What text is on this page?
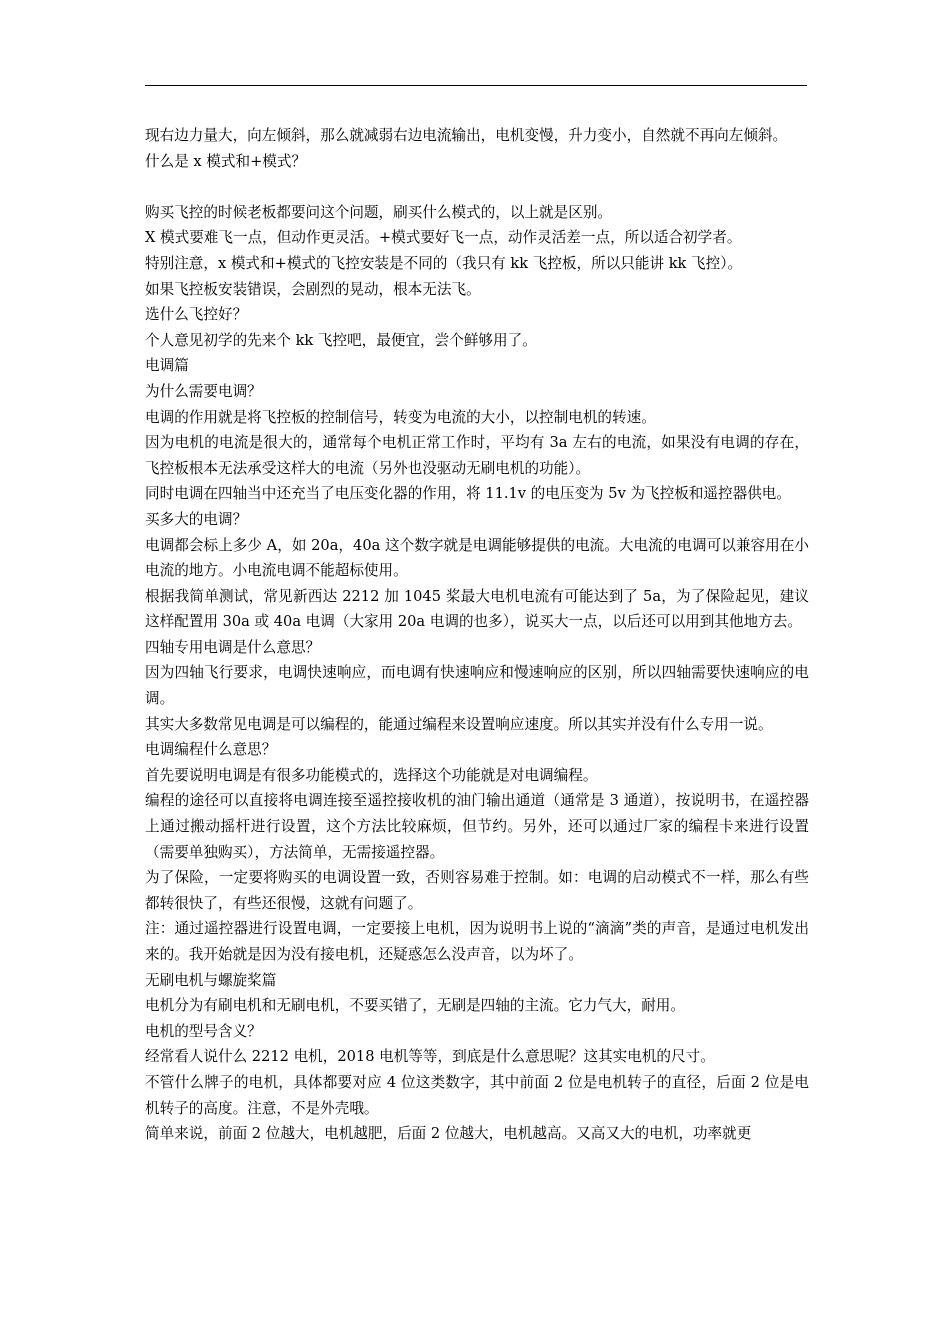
现右边力量大，向左倾斜，那么就减弱右边电流输出，电机变慢，升力变小，自然就不再向左倾斜。

什么是 x 模式和+模式？

购买飞控的时候老板都要问这个问题，刷买什么模式的，以上就是区别。

X 模式要难飞一点，但动作更灵活。+模式要好飞一点，动作灵活差一点，所以适合初学者。

特别注意，x 模式和+模式的飞控安装是不同的（我只有 kk 飞控板，所以只能讲 kk 飞控）。

如果飞控板安装错误，会剧烈的晃动，根本无法飞。

选什么飞控好？

个人意见初学的先来个 kk 飞控吧，最便宜，尝个鲜够用了。

电调篇

为什么需要电调？

电调的作用就是将飞控板的控制信号，转变为电流的大小，以控制电机的转速。

因为电机的电流是很大的，通常每个电机正常工作时，平均有 3a 左右的电流，如果没有电调的存在，飞控板根本无法承受这样大的电流（另外也没驱动无刷电机的功能）。

同时电调在四轴当中还充当了电压变化器的作用，将 11.1v 的电压变为 5v 为飞控板和遥控器供电。

买多大的电调？

电调都会标上多少 A，如 20a，40a 这个数字就是电调能够提供的电流。大电流的电调可以兼容用在小电流的地方。小电流电调不能超标使用。

根据我简单测试，常见新西达 2212 加 1045 桨最大电机电流有可能达到了 5a，为了保险起见，建议这样配置用 30a 或 40a 电调（大家用 20a 电调的也多），说买大一点，以后还可以用到其他地方去。

四轴专用电调是什么意思？

因为四轴飞行要求，电调快速响应，而电调有快速响应和慢速响应的区别，所以四轴需要快速响应的电调。

其实大多数常见电调是可以编程的，能通过编程来设置响应速度。所以其实并没有什么专用一说。

电调编程什么意思？

首先要说明电调是有很多功能模式的，选择这个功能就是对电调编程。

编程的途径可以直接将电调连接至遥控接收机的油门输出通道（通常是 3 通道），按说明书，在遥控器上通过搬动摇杆进行设置，这个方法比较麻烦，但节约。另外，还可以通过厂家的编程卡来进行设置（需要单独购买），方法简单，无需接遥控器。

为了保险，一定要将购买的电调设置一致，否则容易难于控制。如：电调的启动模式不一样，那么有些都转很快了，有些还很慢，这就有问题了。

注：通过遥控器进行设置电调，一定要接上电机，因为说明书上说的“滴滴”类的声音，是通过电机发出来的。我开始就是因为没有接电机，还疑惑怎么没声音，以为坏了。

无刷电机与螺旋桨篇

电机分为有刷电机和无刷电机，不要买错了，无刷是四轴的主流。它力气大，耐用。

电机的型号含义？

经常看人说什么 2212 电机，2018 电机等等，到底是什么意思呢？这其实电机的尺寸。

不管什么牌子的电机，具体都要对应 4 位这类数字，其中前面 2 位是电机转子的直径，后面 2 位是电机转子的高度。注意，不是外壳哦。

简单来说，前面 2 位越大，电机越肥，后面 2 位越大，电机越高。又高又大的电机，功率就更
